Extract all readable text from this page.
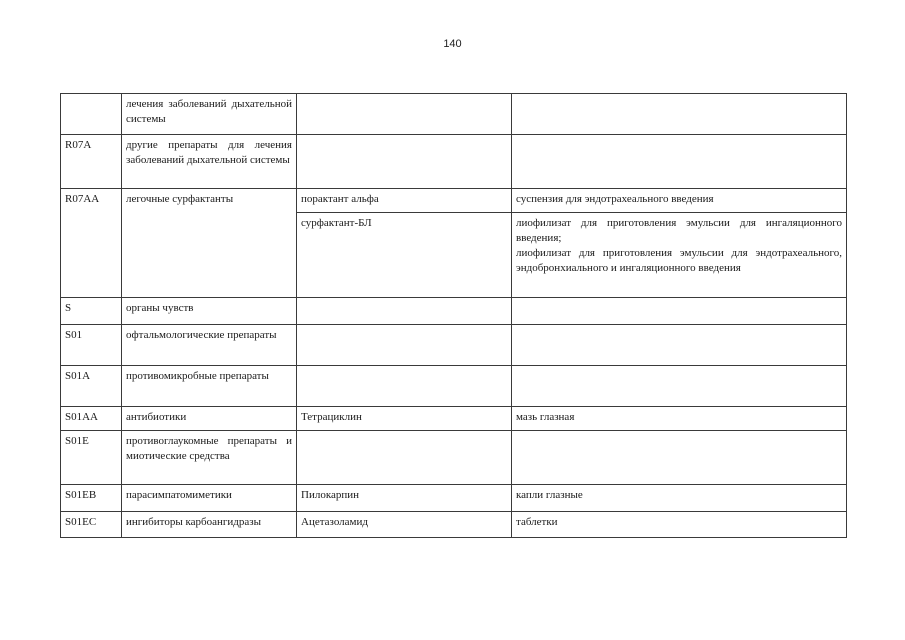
140
	лечения заболеваний дыхательной системы		
R07A	другие препараты для лечения заболеваний дыхательной системы		
R07AA	легочные сурфактанты	порактант альфа	суспензия для эндотрахеального введения

		сурфактант-БЛ	лиофилизат для приготовления эмульсии для ингаляционного введения;
лиофилизат для приготовления эмульсии для эндотрахеального, эндобронхиального и ингаляционного введения

S	органы чувств		
S01	офтальмологические препараты		
S01A	противомикробные препараты		
S01AA	антибиотики	Тетрациклин	мазь глазная

S01E	противоглаукомные препараты и миотические средства		
S01EB	парасимпатомиметики	Пилокарпин	капли глазные

S01EC	ингибиторы карбоангидразы	Ацетазоламид	таблетки
